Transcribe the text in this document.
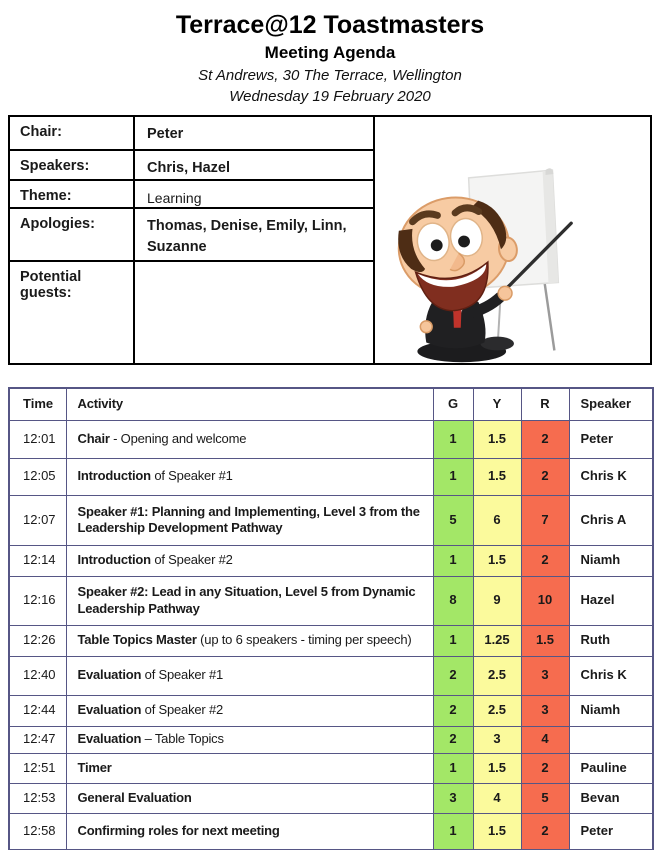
Terrace@12 Toastmasters
Meeting Agenda
St Andrews, 30 The Terrace, Wellington
Wednesday 19 February 2020
Chair:	Peter
Speakers:	Chris, Hazel
Theme:	Learning
Apologies:	Thomas, Denise, Emily, Linn, Suzanne
Potential guests:
Time	Activity	G	Y	R	Speaker
12:01	Chair - Opening and welcome	1	1.5	2	Peter
12:05	Introduction of Speaker #1	1	1.5	2	Chris K
12:07	Speaker #1: Planning and Implementing, Level 3 from the Leadership Development Pathway	5	6	7	Chris A
12:14	Introduction of Speaker #2	1	1.5	2	Niamh
12:16	Speaker #2: Lead in any Situation, Level 5 from Dynamic Leadership Pathway	8	9	10	Hazel
12:26	Table Topics Master (up to 6 speakers - timing per speech)	1	1.25	1.5	Ruth
12:40	Evaluation of Speaker #1	2	2.5	3	Chris K
12:44	Evaluation of Speaker #2	2	2.5	3	Niamh
12:47	Evaluation – Table Topics	2	3	4	
12:51	Timer	1	1.5	2	Pauline
12:53	General Evaluation	3	4	5	Bevan
12:58	Confirming roles for next meeting	1	1.5	2	Peter
